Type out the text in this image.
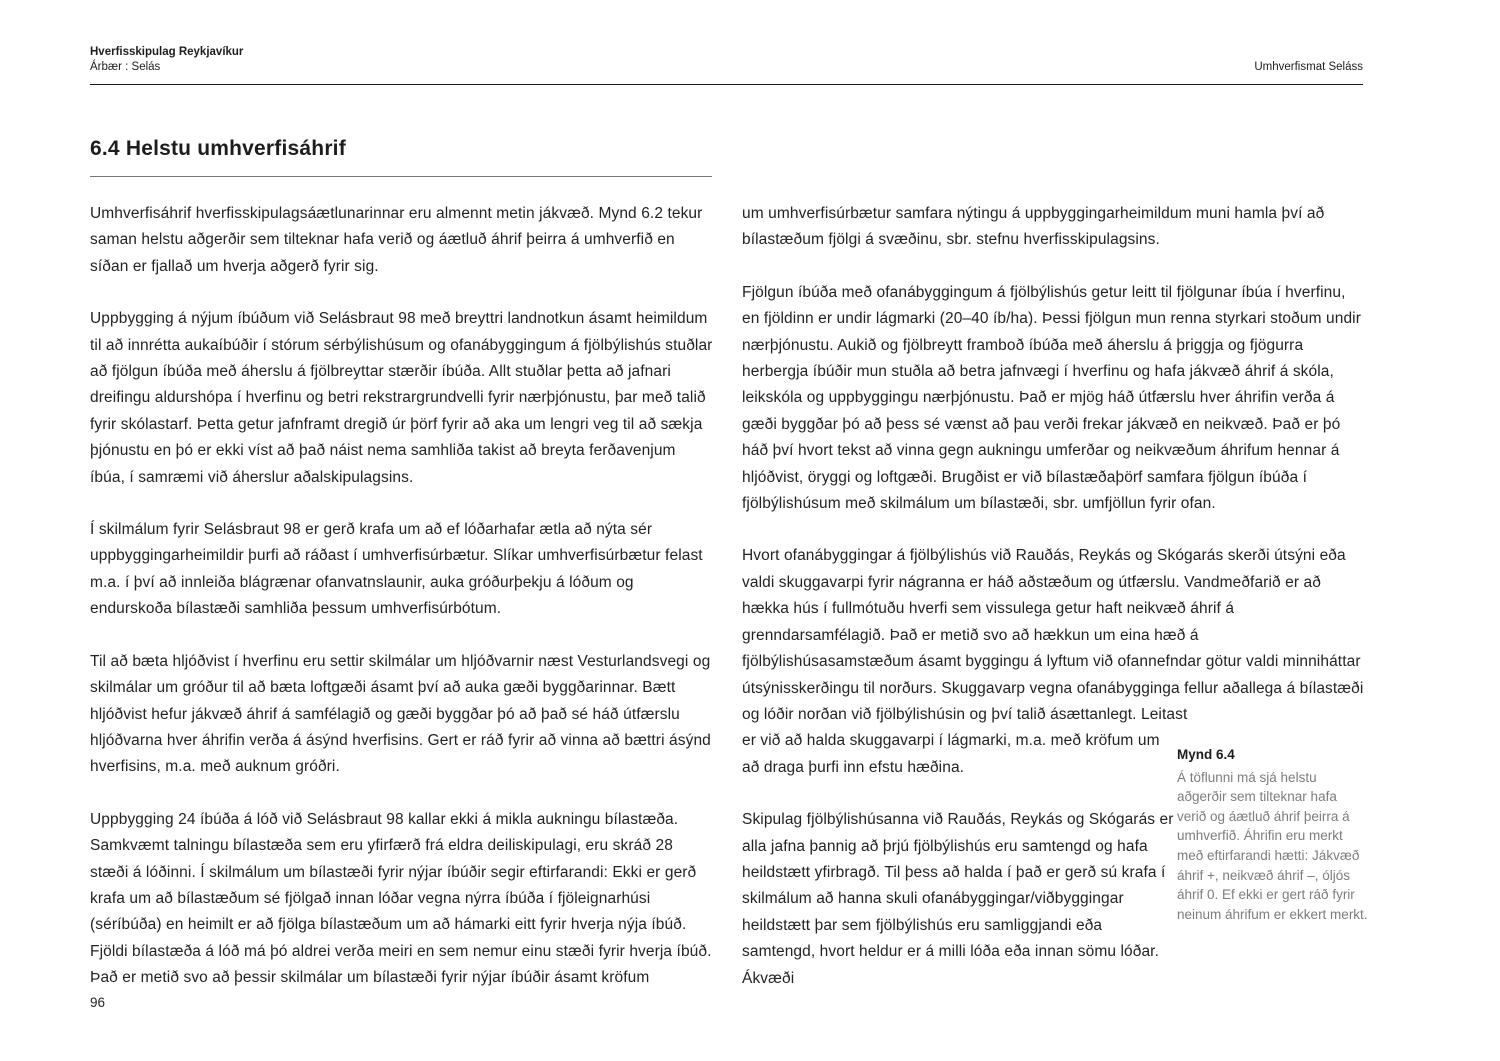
Hverfisskipulag Reykjavíkur
Árbær : Selás	Umhverfismat Seláss
6.4 Helstu umhverfisáhrif

Umhverfisáhrif hverfisskipulagsáætlunarinnar eru almennt metin jákvæð. Mynd 6.2 tekur saman helstu aðgerðir sem tilteknar hafa verið og áætluð áhrif þeirra á umhverfið en síðan er fjallað um hverja aðgerð fyrir sig.

Uppbygging á nýjum íbúðum við Selásbraut 98 með breyttri landnotkun ásamt heimildum til að innrétta aukaíbúðir í stórum sérbýlishúsum og ofanábyggingum á fjölbýlishús stuðlar að fjölgun íbúða með áherslu á fjölbreyttar stærðir íbúða. Allt stuðlar þetta að jafnari dreifingu aldurshópa í hverfinu og betri rekstrargrundvelli fyrir nærþjónustu, þar með talið fyrir skólastarf. Þetta getur jafnframt dregið úr þörf fyrir að aka um lengri veg til að sækja þjónustu en þó er ekki víst að það náist nema samhliða takist að breyta ferðavenjum íbúa, í samræmi við áherslur aðalskipulagsins.

Í skilmálum fyrir Selásbraut 98 er gerð krafa um að ef lóðarhafar ætla að nýta sér uppbyggingarheimildir þurfi að ráðast í umhverfisúrbætur. Slíkar umhverfisúrbætur felast m.a. í því að innleiða blágrænar ofanvatnslaunir, auka gróðurþekju á lóðum og endurskoða bílastæði samhliða þessum umhverfisúrbótum.

Til að bæta hljóðvist í hverfinu eru settir skilmálar um hljóðvarnir næst Vesturlandsvegi og skilmálar um gróður til að bæta loftgæði ásamt því að auka gæði byggðarinnar. Bætt hljóðvist hefur jákvæð áhrif á samfélagið og gæði byggðar þó að það sé háð útfærslu hljóðvarna hver áhrifin verða á ásýnd hverfisins. Gert er ráð fyrir að vinna að bættri ásýnd hverfisins, m.a. með auknum gróðri.

Uppbygging 24 íbúða á lóð við Selásbraut 98 kallar ekki á mikla aukningu bílastæða. Samkvæmt talningu bílastæða sem eru yfirfærð frá eldra deiliskipulagi, eru skráð 28 stæði á lóðinni. Í skilmálum um bílastæði fyrir nýjar íbúðir segir eftirfarandi: Ekki er gerð krafa um að bílastæðum sé fjölgað innan lóðar vegna nýrra íbúða í fjöleignarhúsi (séríbúða) en heimilt er að fjölga bílastæðum um að hámarki eitt fyrir hverja nýja íbúð. Fjöldi bílastæða á lóð má þó aldrei verða meiri en sem nemur einu stæði fyrir hverja íbúð. Það er metið svo að þessir skilmálar um bílastæði fyrir nýjar íbúðir ásamt kröfum

um umhverfisúrbætur samfara nýtingu á uppbyggingarheimildum muni hamla því að bílastæðum fjölgi á svæðinu, sbr. stefnu hverfisskipulagsins.

Fjölgun íbúða með ofanábyggingum á fjölbýlishús getur leitt til fjölgunar íbúa í hverfinu, en fjöldinn er undir lágmarki (20–40 íb/ha). Þessi fjölgun mun renna styrkari stoðum undir nærþjónustu. Aukið og fjölbreytt framboð íbúða með áherslu á þriggja og fjögurra herbergja íbúðir mun stuðla að betra jafnvægi í hverfinu og hafa jákvæð áhrif á skóla, leikskóla og uppbyggingu nærþjónustu. Það er mjög háð útfærslu hver áhrifin verða á gæði byggðar þó að þess sé vænst að þau verði frekar jákvæð en neikvæð. Það er þó háð því hvort tekst að vinna gegn aukningu umferðar og neikvæðum áhrifum hennar á hljóðvist, öryggi og loftgæði. Brugðist er við bílastæðaþörf samfara fjölgun íbúða í fjölbýlishúsum með skilmálum um bílastæði, sbr. umfjöllun fyrir ofan.

Hvort ofanábyggingar á fjölbýlishús við Rauðás, Reykás og Skógarás skerði útsýni eða valdi skuggavarpi fyrir nágranna er háð aðstæðum og útfærslu. Vandmeðfarið er að hækka hús í fullmótuðu hverfi sem vissulega getur haft neikvæð áhrif á grenndarsamfélagið. Það er metið svo að hækkun um eina hæð á fjölbýlishúsasamstæðum ásamt byggingu á lyftum við ofannefndar götur valdi minniháttar útsýnisskerðingu til norðurs. Skuggavarp vegna ofanábygginga fellur aðallega á bílastæði og lóðir norðan við fjölbýlishúsin og því talið ásættanlegt. Leitast

er við að halda skuggavarpi í lágmarki, m.a. með kröfum um að draga þurfi inn efstu hæðina.

Skipulag fjölbýlishúsanna við Rauðás, Reykás og Skógarás er alla jafna þannig að þrjú fjölbýlishús eru samtengd og hafa heildstætt yfirbragð. Til þess að halda í það er gerð sú krafa í skilmálum að hanna skuli ofanábyggingar/viðbyggingar heildstætt þar sem fjölbýlishús eru samliggjandi eða samtengd, hvort heldur er á milli lóða eða innan sömu lóðar. Ákvæði

Mynd 6.4
Á töflunni má sjá helstu aðgerðir sem tilteknar hafa verið og áætluð áhrif þeirra á umhverfið. Áhrifin eru merkt með eftirfarandi hætti: Jákvæð áhrif +, neikvæð áhrif –, óljós áhrif 0. Ef ekki er gert ráð fyrir neinum áhrifum er ekkert merkt.
96
